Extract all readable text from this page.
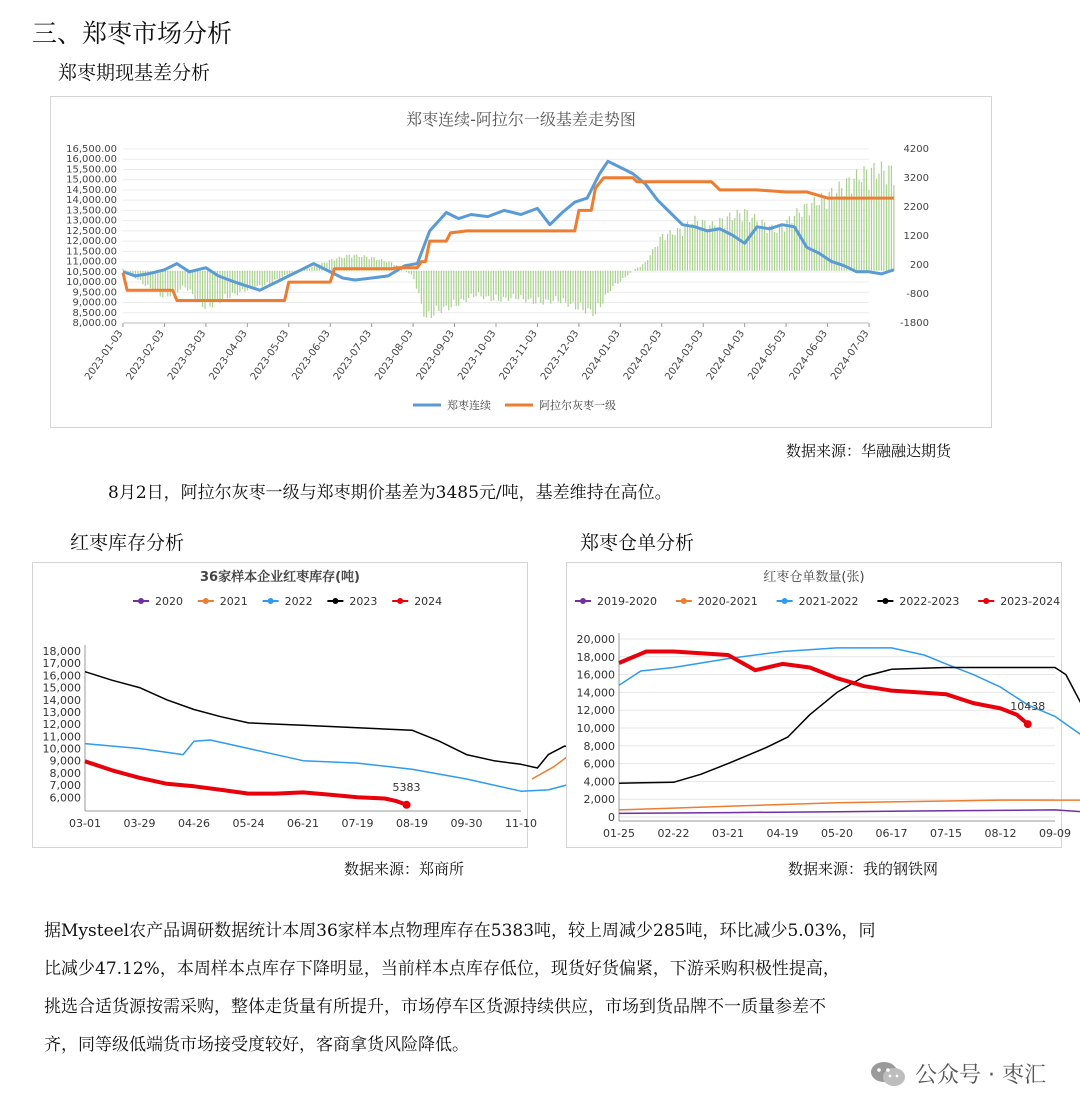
三、郑枣市场分析
郑枣期现基差分析
郑枣连续-阿拉尔一级基差走势图
16,500.00
16,000.00
15,500.00
15,000.00
14,500.00
14,000.00
13,500.00
13,000.00
12,500.00
12,000.00
11,500.00
11,000.00
10,500.00
10,000.00
9,500.00
9,000.00
8,500.00
8,000.00
4200
3200
2200
1200
200
-800
-1800
2023-01-03 2023-02-03 2023-03-03 2023-04-03 2023-05-03 2023-06-03 2023-07-03 2023-08-03 2023-09-03 2023-10-03 2023-11-03 2023-12-03 2024-01-03 2024-02-03 2024-03-03 2024-04-03 2024-05-03 2024-06-03 2024-07-03
郑枣连续	阿拉尔灰枣一级
数据来源：华融融达期货
8月2日，阿拉尔灰枣一级与郑枣期价基差为3485元/吨，基差维持在高位。
红枣库存分析	郑枣仓单分析
36家样本企业红枣库存(吨)
2020	2021	2022	2023	2024
18,000
17,000
16,000
15,000
14,000
13,000
12,000
11,000
10,000
9,000
8,000
7,000
6,000
03-01 03-29 04-26 05-24 06-21 07-19 08-19 09-30 11-10
5383
红枣仓单数量(张)
2019-2020	2020-2021	2021-2022	2022-2023	2023-2024
20,000
18,000
16,000
14,000
12,000
10,000
8,000
6,000
4,000
2,000
0
01-25 02-22 03-21 04-19 05-20 06-17 07-15 08-12 09-09
10438
数据来源：郑商所	数据来源：我的钢铁网
据Mysteel农产品调研数据统计本周36家样本点物理库存在5383吨，较上周减少285吨，环比减少5.03%，同
比减少47.12%，本周样本点库存下降明显，当前样本点库存低位，现货好货偏紧，下游采购积极性提高，
挑选合适货源按需采购，整体走货量有所提升，市场停车区货源持续供应，市场到货品牌不一质量参差不
齐，同等级低端货市场接受度较好，客商拿货风险降低。
公众号 · 枣汇
